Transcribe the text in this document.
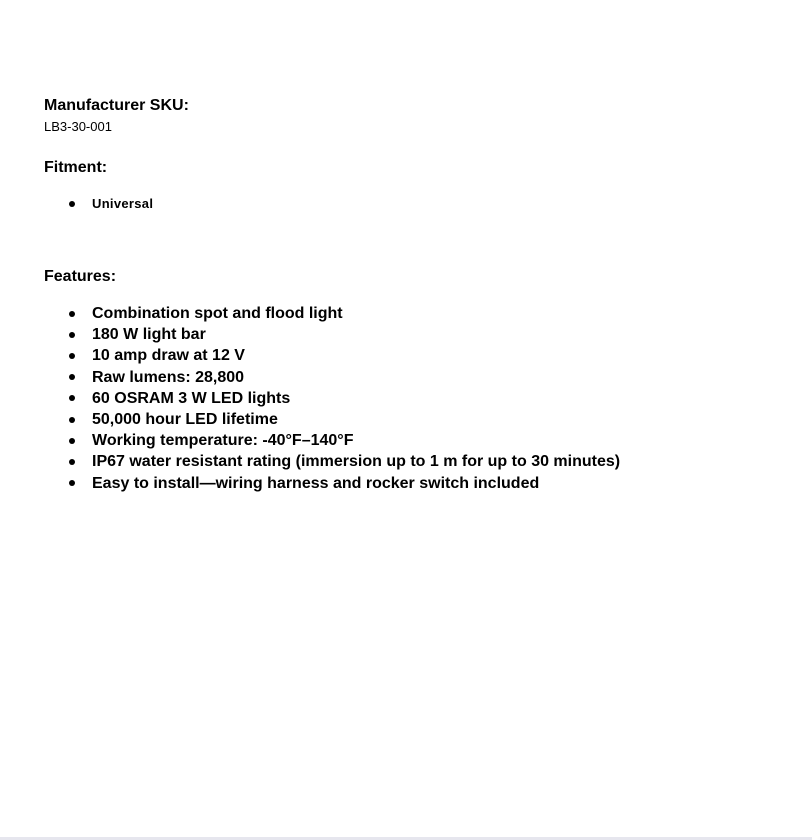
Manufacturer SKU:

LB3-30-001

Fitment:

Universal

Features:

Combination spot and flood light
180 W light bar
10 amp draw at 12 V
Raw lumens: 28,800
60 OSRAM 3 W LED lights
50,000 hour LED lifetime
Working temperature: -40°F–140°F
IP67 water resistant rating (immersion up to 1 m for up to 30 minutes)
Easy to install—wiring harness and rocker switch included
